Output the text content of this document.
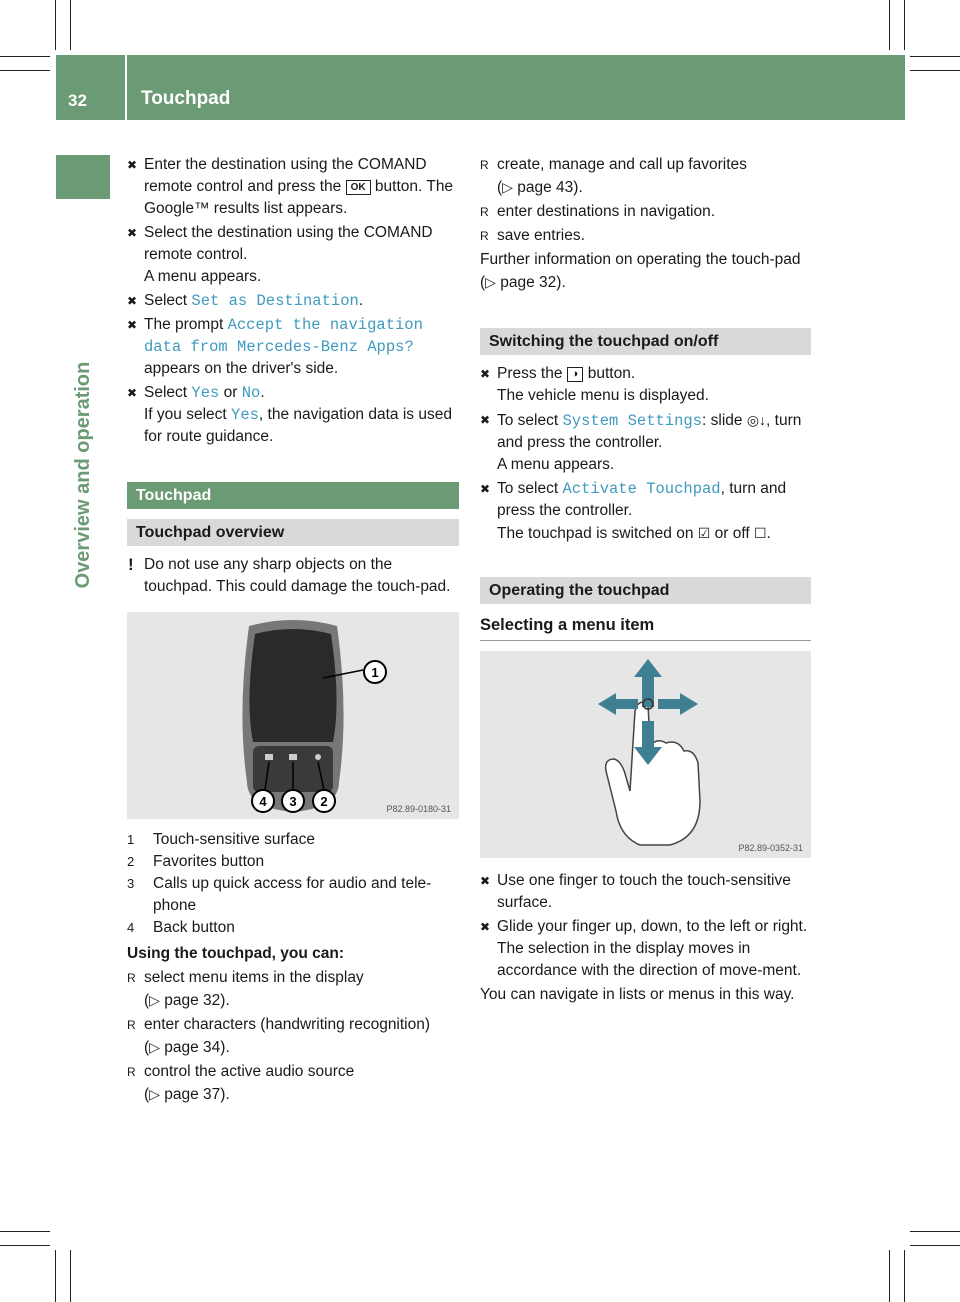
32	Touchpad
Overview and operation
✖ Enter the destination using the COMAND remote control and press the OK button. The Google™ results list appears.
✖ Select the destination using the COMAND remote control.
A menu appears.
✖ Select Set as Destination.
✖ The prompt Accept the navigation data from Mercedes-Benz Apps? appears on the driver's side.
✖ Select Yes or No.
If you select Yes, the navigation data is used for route guidance.
Touchpad
Touchpad overview
! Do not use any sharp objects on the touchpad. This could damage the touch-pad.
1
4 3 2	P82.89-0180-31
1 Touch-sensitive surface
2 Favorites button
3 Calls up quick access for audio and tele-phone
4 Back button
Using the touchpad, you can:
R select menu items in the display
(▷ page 32).
R enter characters (handwriting recognition)
(▷ page 34).
R control the active audio source
(▷ page 37).
R create, manage and call up favorites
(▷ page 43).
R enter destinations in navigation.
R save entries.
Further information on operating the touch-pad (▷ page 32).
Switching the touchpad on/off
✖ Press the ◑ button.
The vehicle menu is displayed.
✖ To select System Settings: slide ◎↓, turn and press the controller.
A menu appears.
✖ To select Activate Touchpad, turn and press the controller.
The touchpad is switched on ☑ or off ☐.
Operating the touchpad
Selecting a menu item
P82.89-0352-31
✖ Use one finger to touch the touch-sensitive surface.
✖ Glide your finger up, down, to the left or right.
The selection in the display moves in accordance with the direction of move-ment.
You can navigate in lists or menus in this way.
